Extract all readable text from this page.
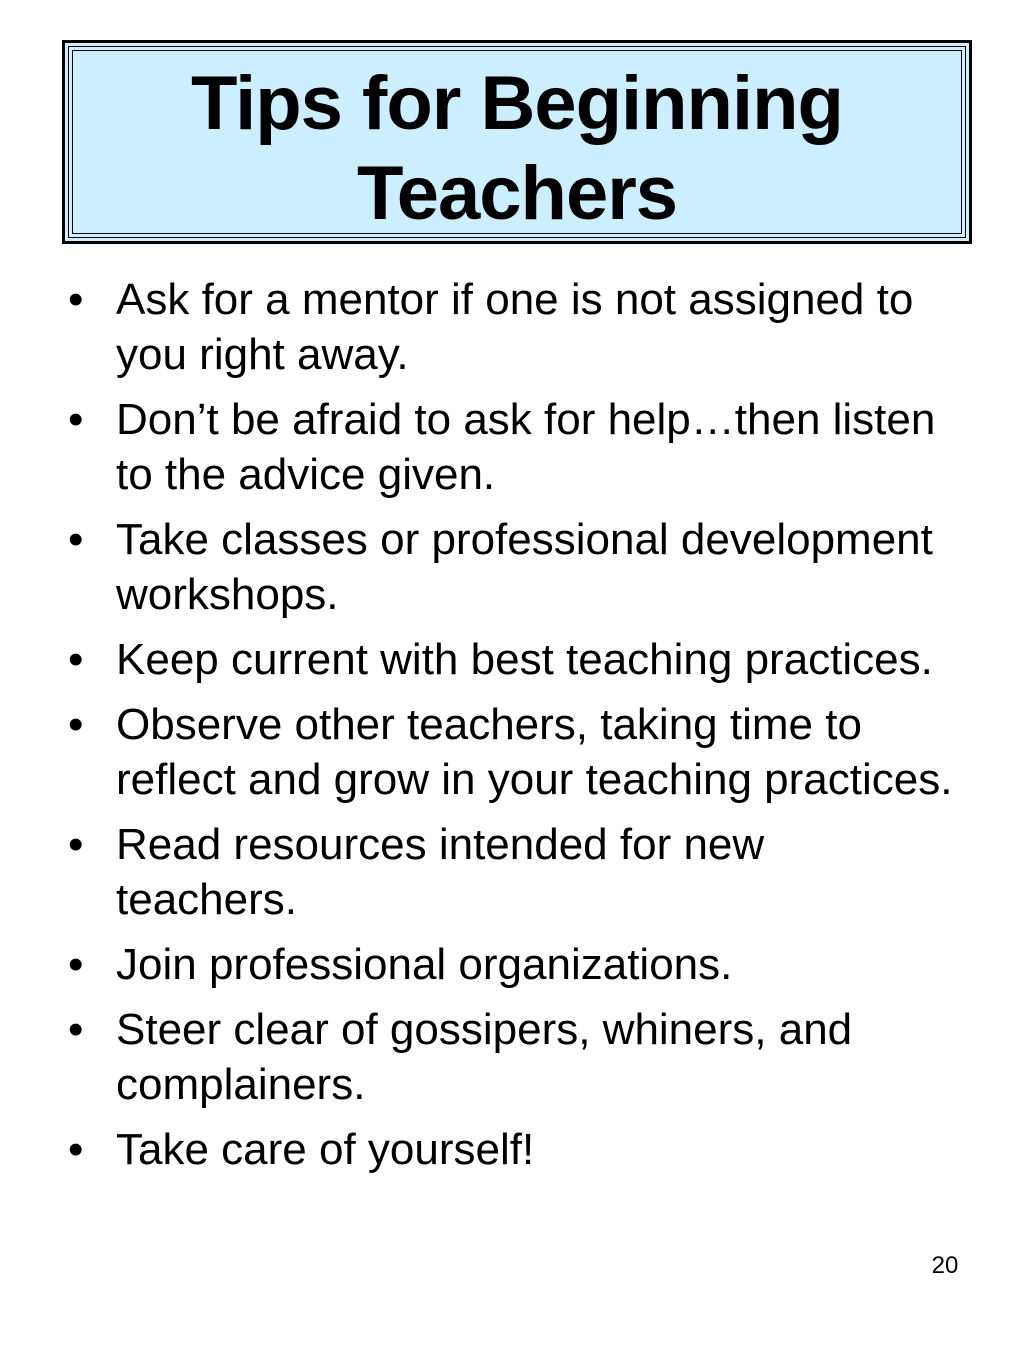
Tips for Beginning
Teachers
• Ask for a mentor if one is not assigned to you right away.
• Don’t be afraid to ask for help…then listen to the advice given.
• Take classes or professional development workshops.
• Keep current with best teaching practices.
• Observe other teachers, taking time to reflect and grow in your teaching practices.
• Read resources intended for new teachers.
• Join professional organizations.
• Steer clear of gossipers, whiners, and complainers.
• Take care of yourself!
20
